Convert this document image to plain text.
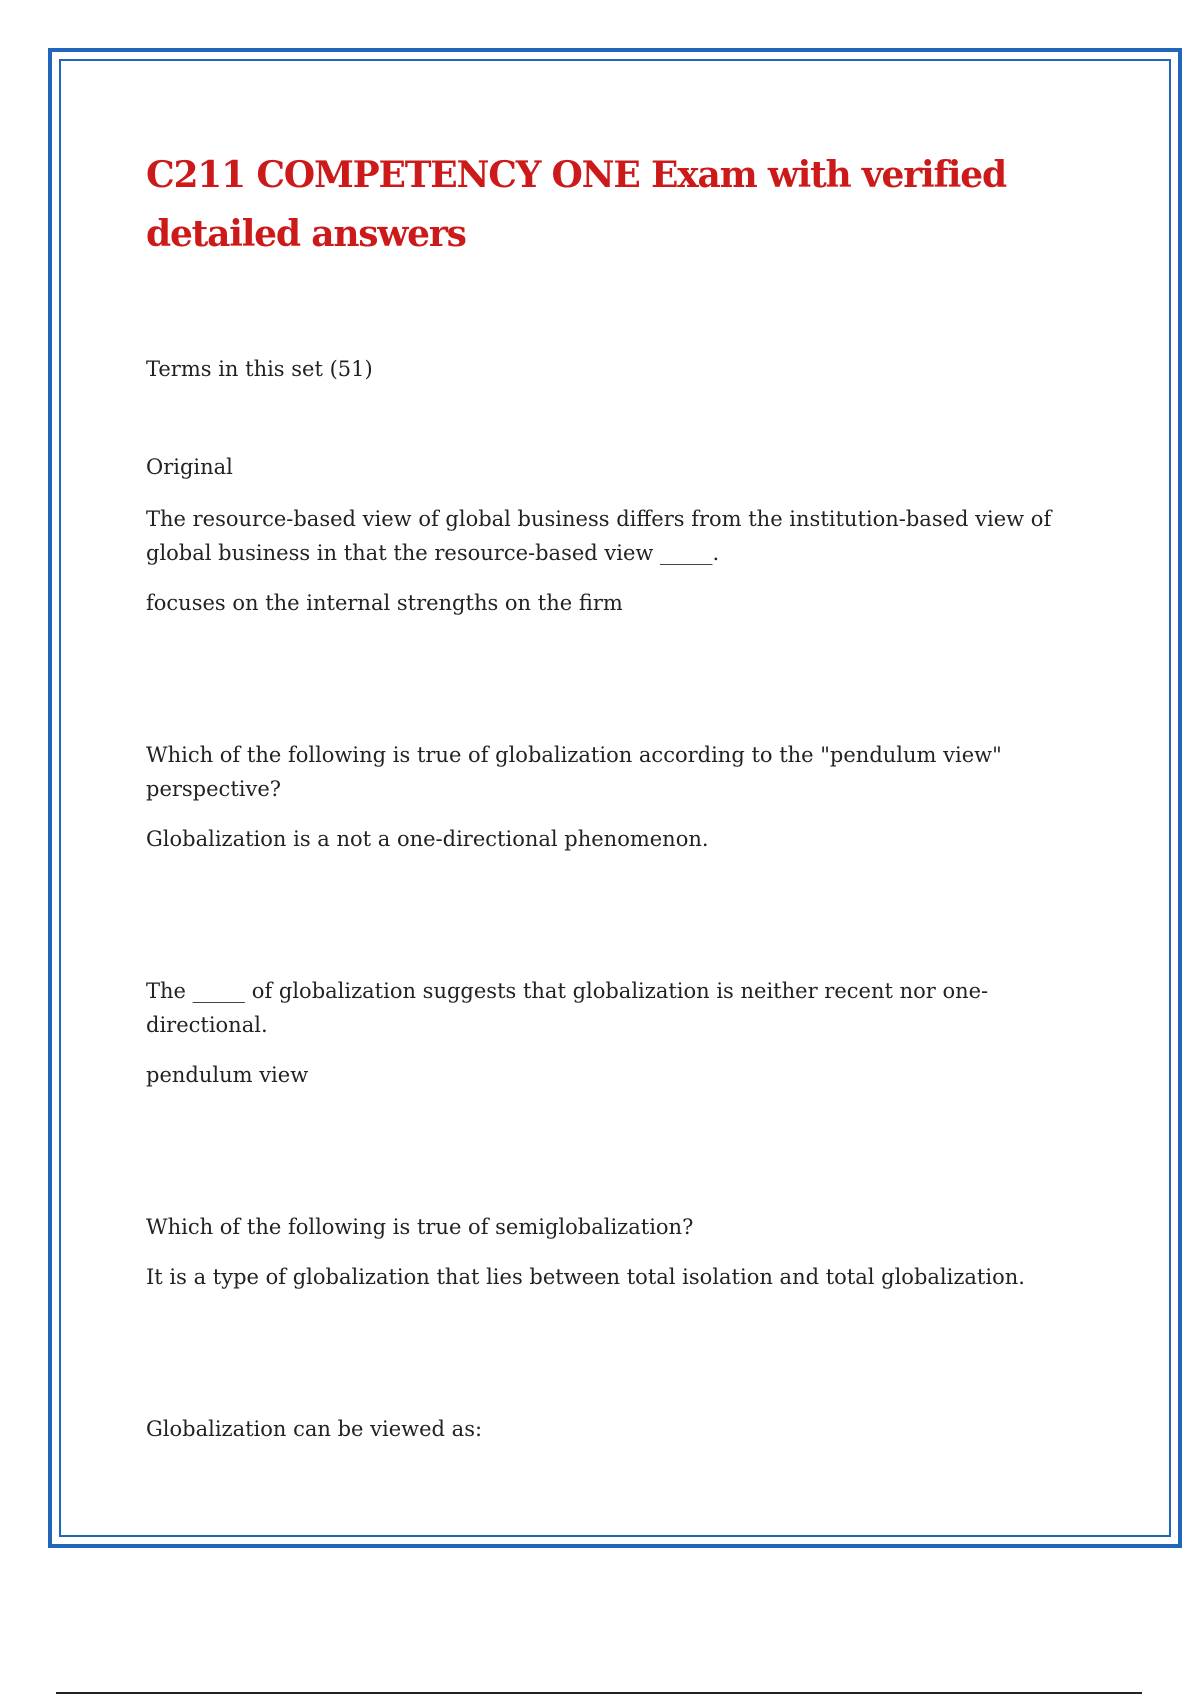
C211 COMPETENCY ONE Exam with verified detailed answers

Terms in this set (51)

Original

The resource-based view of global business differs from the institution-based view of global business in that the resource-based view _____.

focuses on the internal strengths on the firm

Which of the following is true of globalization according to the "pendulum view" perspective?

Globalization is a not a one-directional phenomenon.

The _____ of globalization suggests that globalization is neither recent nor one-directional.

pendulum view

Which of the following is true of semiglobalization?

It is a type of globalization that lies between total isolation and total globalization.

Globalization can be viewed as:
